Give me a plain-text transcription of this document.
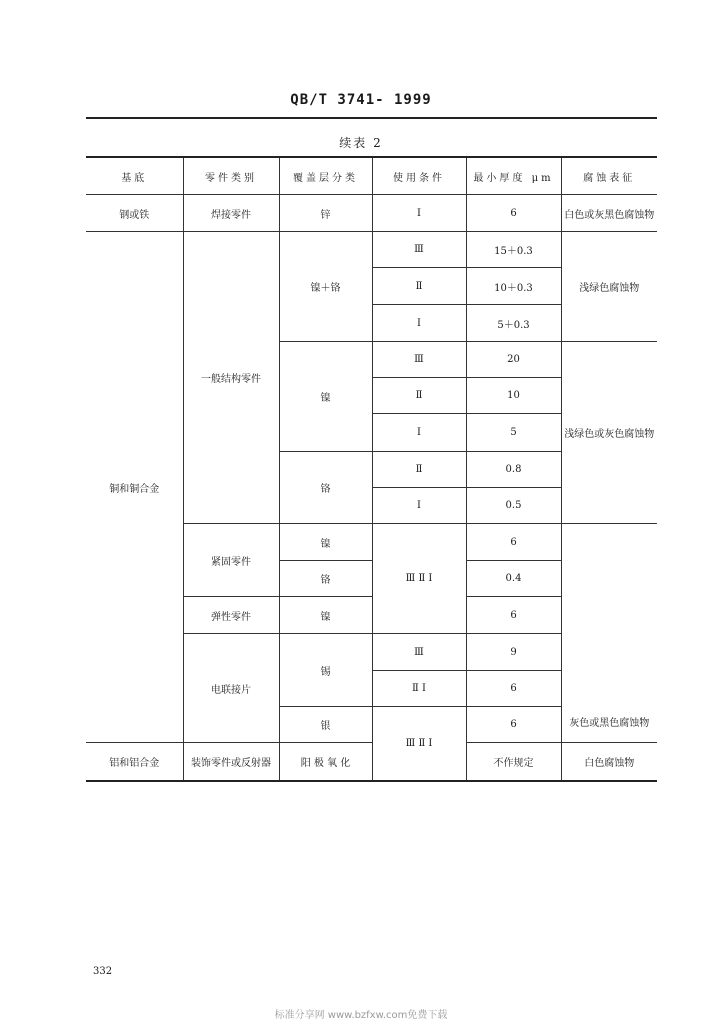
QB/T 3741- 1999
续表 2
基底	零件类别	覆盖层分类	使用条件	最小厚度 μm	腐蚀表征
钢或铁	焊接零件	锌	I	6	白色或灰黑色腐蚀物
铜和铜合金	一般结构零件	镍＋铬	Ⅲ	15＋0.3	浅绿色腐蚀物
			Ⅱ	10＋0.3	
			I	5＋0.3	
		镍	Ⅲ	20	浅绿色或灰色腐蚀物
			Ⅱ	10	
			I	5	
		铬	Ⅱ	0.8	
			I	0.5	
	紧固零件	镍	Ⅲ Ⅱ I	6	灰色或黑色腐蚀物

		铬		0.4	
	弹性零件	镍		6	
	电联接片	锡	Ⅲ	9	
			Ⅱ I	6	
		银	Ⅲ Ⅱ I	6	
铝和铝合金	装饰零件或反射器	阳 极 氧 化		不作规定	白色腐蚀物
332
标准分享网 www.bzfxw.com免费下载
